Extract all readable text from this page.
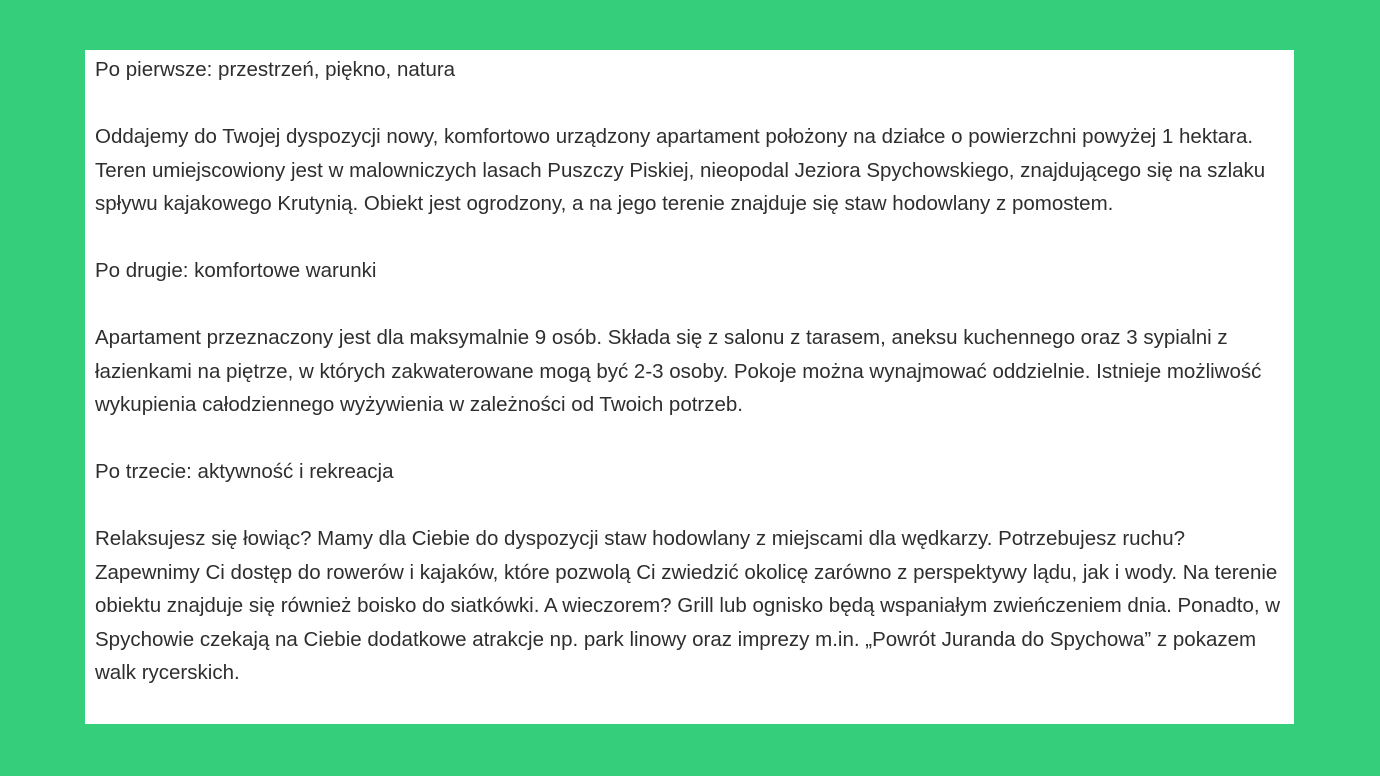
Po pierwsze: przestrzeń, piękno, natura

Oddajemy do Twojej dyspozycji nowy, komfortowo urządzony apartament położony na działce o powierzchni powyżej 1 hektara. Teren umiejscowiony jest w malowniczych lasach Puszczy Piskiej, nieopodal Jeziora Spychowskiego, znajdującego się na szlaku spływu kajakowego Krutynią. Obiekt jest ogrodzony, a na jego terenie znajduje się staw hodowlany z pomostem.

Po drugie: komfortowe warunki

Apartament przeznaczony jest dla maksymalnie 9 osób. Składa się z salonu z tarasem, aneksu kuchennego oraz 3 sypialni z łazienkami na piętrze, w których zakwaterowane mogą być 2-3 osoby. Pokoje można wynajmować oddzielnie. Istnieje możliwość wykupienia całodziennego wyżywienia w zależności od Twoich potrzeb.

Po trzecie: aktywność i rekreacja

Relaksujesz się łowiąc? Mamy dla Ciebie do dyspozycji staw hodowlany z miejscami dla wędkarzy. Potrzebujesz ruchu? Zapewnimy Ci dostęp do rowerów i kajaków, które pozwolą Ci zwiedzić okolicę zarówno z perspektywy lądu, jak i wody. Na terenie obiektu znajduje się również boisko do siatkówki. A wieczorem? Grill lub ognisko będą wspaniałym zwieńczeniem dnia. Ponadto, w Spychowie czekają na Ciebie dodatkowe atrakcje np. park linowy oraz imprezy m.in. „Powrót Juranda do Spychowa” z pokazem walk rycerskich.
